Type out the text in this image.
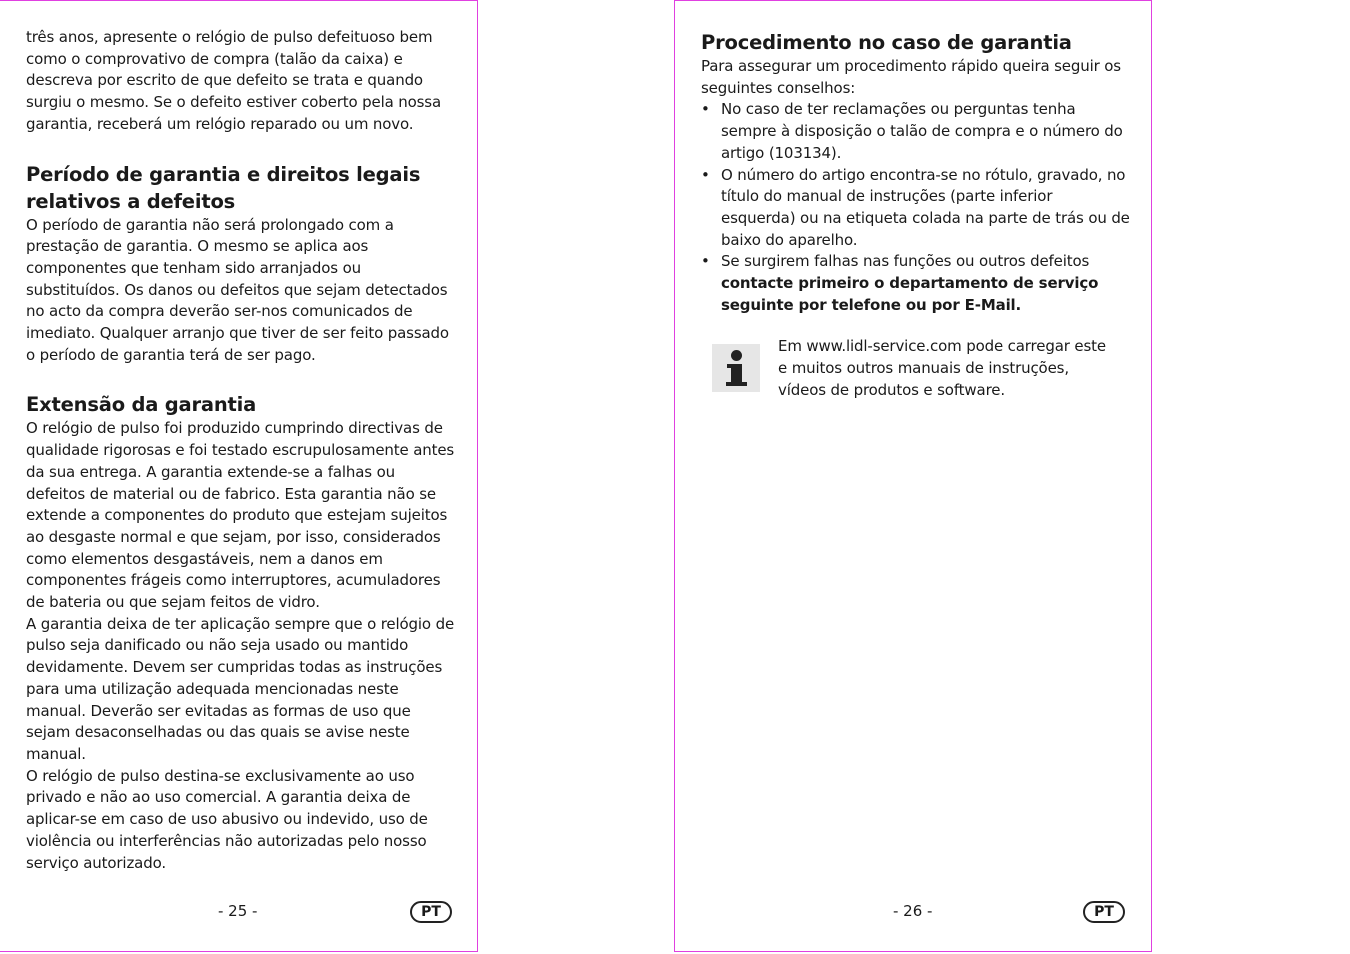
três anos, apresente o relógio de pulso defeituoso bem como o comprovativo de compra (talão da caixa) e descreva por escrito de que defeito se trata e quando surgiu o mesmo. Se o defeito estiver coberto pela nossa garantia, receberá um relógio reparado ou um novo.

Período de garantia e direitos legais relativos a defeitos

O período de garantia não será prolongado com a prestação de garantia. O mesmo se aplica aos componentes que tenham sido arranjados ou substituídos. Os danos ou defeitos que sejam detectados no acto da compra deverão ser-nos comunicados de imediato. Qualquer arranjo que tiver de ser feito passado o período de garantia terá de ser pago.

Extensão da garantia

O relógio de pulso foi produzido cumprindo directivas de qualidade rigorosas e foi testado escrupulosamente antes da sua entrega. A garantia extende-se a falhas ou defeitos de material ou de fabrico. Esta garantia não se extende a componentes do produto que estejam sujeitos ao desgaste normal e que sejam, por isso, considerados como elementos desgastáveis, nem a danos em componentes frágeis como interruptores, acumuladores de bateria ou que sejam feitos de vidro.

A garantia deixa de ter aplicação sempre que o relógio de pulso seja danificado ou não seja usado ou mantido devidamente. Devem ser cumpridas todas as instruções para uma utilização adequada mencionadas neste manual. Deverão ser evitadas as formas de uso que sejam desaconselhadas ou das quais se avise neste manual.

O relógio de pulso destina-se exclusivamente ao uso privado e não ao uso comercial. A garantia deixa de aplicar-se em caso de uso abusivo ou indevido, uso de violência ou interferências não autorizadas pelo nosso serviço autorizado.

- 25 -	PT
Procedimento no caso de garantia

Para assegurar um procedimento rápido queira seguir os seguintes conselhos:

• No caso de ter reclamações ou perguntas tenha sempre à disposição o talão de compra e o número do artigo (103134).
• O número do artigo encontra-se no rótulo, gravado, no título do manual de instruções (parte inferior esquerda) ou na etiqueta colada na parte de trás ou de baixo do aparelho.
• Se surgirem falhas nas funções ou outros defeitos contacte primeiro o departamento de serviço seguinte por telefone ou por E-Mail.

Em www.lidl-service.com pode carregar este e muitos outros manuais de instruções, vídeos de produtos e software.

- 26 -	PT
